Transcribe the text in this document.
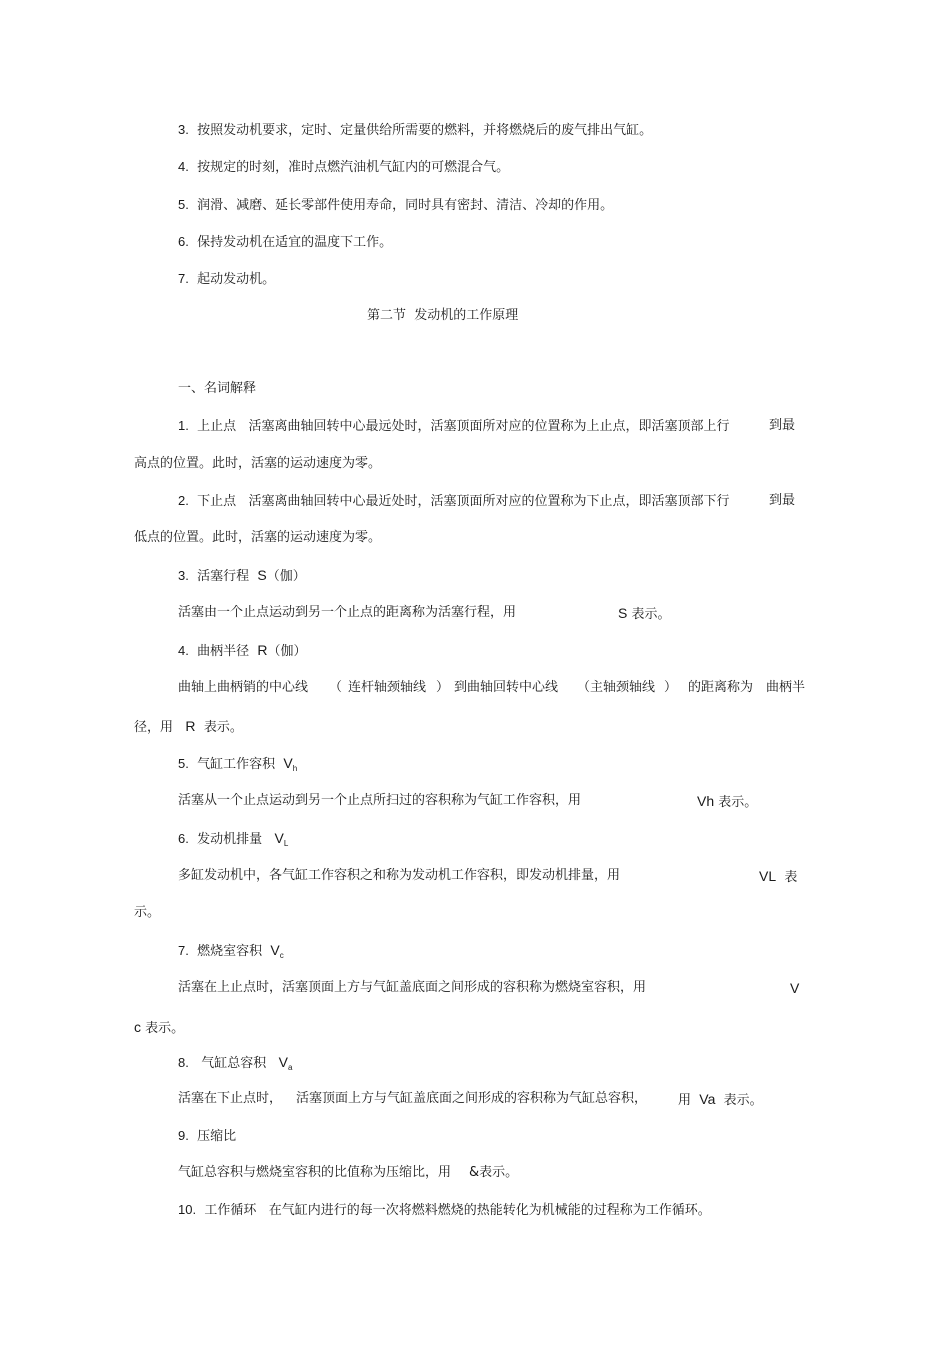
3. 按照发动机要求，定时、定量供给所需要的燃料，并将燃烧后的废气排出气缸。
4. 按规定的时刻，准时点燃汽油机气缸内的可燃混合气。
5. 润滑、减磨、延长零部件使用寿命，同时具有密封、清洁、冷却的作用。
6. 保持发动机在适宜的温度下工作。
7. 起动发动机。
第二节  发动机的工作原理
一、名词解释
1. 上止点 活塞离曲轴回转中心最远处时，活塞顶面所对应的位置称为上止点，即活塞顶部上行	到最
高点的位置。此时，活塞的运动速度为零。
2. 下止点 活塞离曲轴回转中心最近处时，活塞顶面所对应的位置称为下止点，即活塞顶部下行	到最
低点的位置。此时，活塞的运动速度为零。
3. 活塞行程 S（伽）
活塞由一个止点运动到另一个止点的距离称为活塞行程，用	S 表示。
4. 曲柄半径 R（伽）
曲轴上曲柄销的中心线 （ 连杆轴颈轴线 ） 到曲轴回转中心线 （主轴颈轴线 ） 的距离称为 曲柄半
径，用 R 表示。
5. 气缸工作容积 $V_h$
活塞从一个止点运动到另一个止点所扫过的容积称为气缸工作容积，用	Vh 表示。
6. 发动机排量 $V_L$
多缸发动机中，各气缸工作容积之和称为发动机工作容积，即发动机排量，用	VL 表
示。
7. 燃烧室容积 $V_c$
活塞在上止点时，活塞顶面上方与气缸盖底面之间形成的容积称为燃烧室容积，用	V
c 表示。
8. 气缸总容积 $V_a$
活塞在下止点时， 活塞顶面上方与气缸盖底面之间形成的容积称为气缸总容积， 用 Va 表示。
9. 压缩比
气缸总容积与燃烧室容积的比值称为压缩比，用 &表示。
10. 工作循环 在气缸内进行的每一次将燃料燃烧的热能转化为机械能的过程称为工作循环。
